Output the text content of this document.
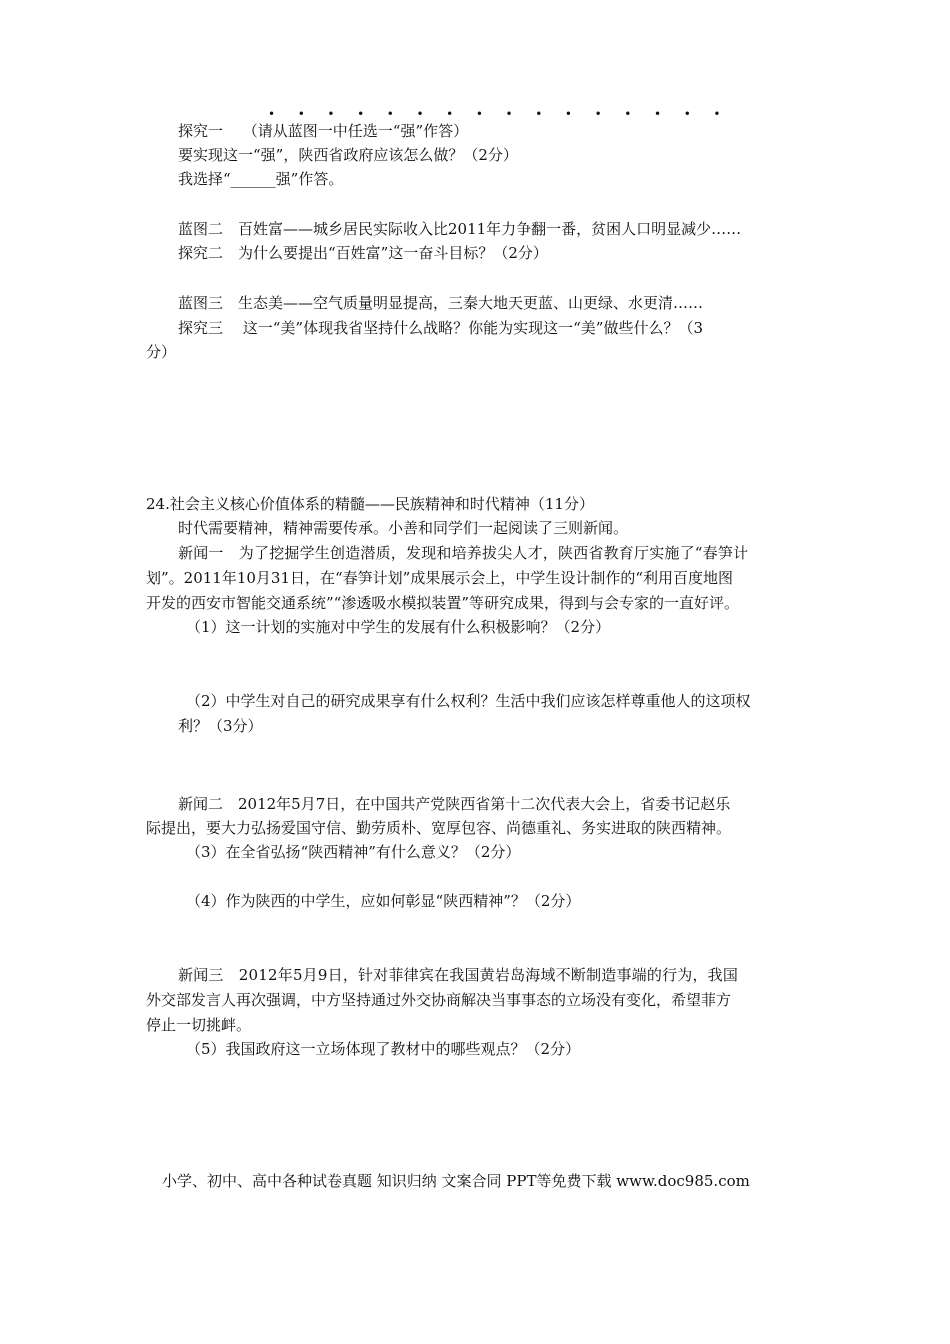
• • • • • • • • • • • • • • • •
探究一　 （请从蓝图一中任选一“强”作答）
要实现这一“强”，陕西省政府应该怎么做？（2分）
我选择“______强”作答。
蓝图二　百姓富——城乡居民实际收入比2011年力争翻一番，贫困人口明显减少……
探究二　为什么要提出“百姓富”这一奋斗目标？（2分）
蓝图三　生态美——空气质量明显提高，三秦大地天更蓝、山更绿、水更清……
探究三　 这一“美”体现我省坚持什么战略？你能为实现这一“美”做些什么？（3
分）
24.社会主义核心价值体系的精髓——民族精神和时代精神（11分）
时代需要精神，精神需要传承。小善和同学们一起阅读了三则新闻。
新闻一　为了挖掘学生创造潜质，发现和培养拔尖人才，陕西省教育厅实施了“春笋计
划”。2011年10月31日，在“春笋计划”成果展示会上，中学生设计制作的“利用百度地图
开发的西安市智能交通系统”“渗透吸水模拟装置”等研究成果，得到与会专家的一直好评。
（1）这一计划的实施对中学生的发展有什么积极影响？（2分）
（2）中学生对自己的研究成果享有什么权利？生活中我们应该怎样尊重他人的这项权
利？（3分）
新闻二　2012年5月7日，在中国共产党陕西省第十二次代表大会上，省委书记赵乐
际提出，要大力弘扬爱国守信、勤劳质朴、宽厚包容、尚德重礼、务实进取的陕西精神。
（3）在全省弘扬“陕西精神”有什么意义？（2分）
（4）作为陕西的中学生，应如何彰显“陕西精神”？（2分）
新闻三　2012年5月9日，针对菲律宾在我国黄岩岛海域不断制造事端的行为，我国
外交部发言人再次强调，中方坚持通过外交协商解决当事事态的立场没有变化，希望菲方
停止一切挑衅。
（5）我国政府这一立场体现了教材中的哪些观点？（2分）
小学、初中、高中各种试卷真题 知识归纳 文案合同 PPT等免费下载 www.doc985.com
